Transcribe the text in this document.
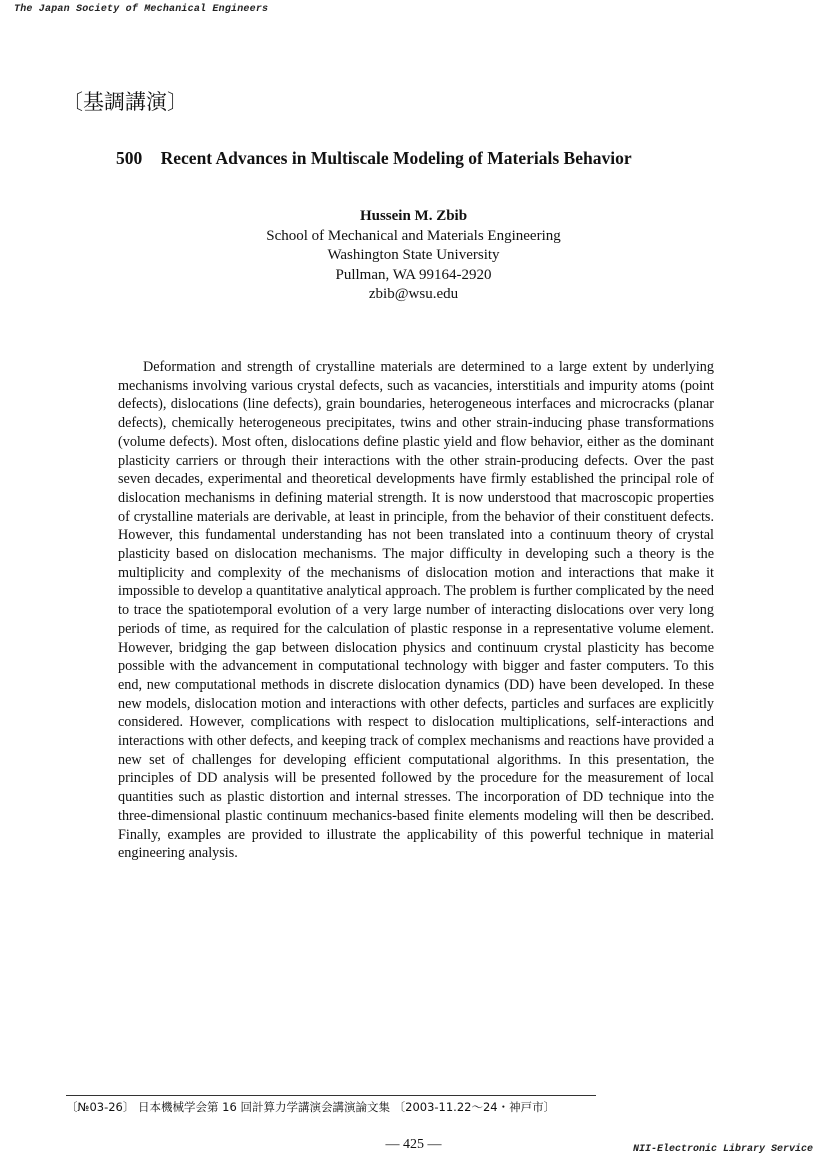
The Japan Society of Mechanical Engineers
〔基調講演〕
500 Recent Advances in Multiscale Modeling of Materials Behavior
Hussein M. Zbib
School of Mechanical and Materials Engineering
Washington State University
Pullman, WA 99164-2920
zbib@wsu.edu

Deformation and strength of crystalline materials are determined to a large extent by underlying mechanisms involving various crystal defects, such as vacancies, interstitials and impurity atoms (point defects), dislocations (line defects), grain boundaries, heterogeneous interfaces and microcracks (planar defects), chemically heterogeneous precipitates, twins and other strain-inducing phase transformations (volume defects). Most often, dislocations define plastic yield and flow behavior, either as the dominant plasticity carriers or through their interactions with the other strain-producing defects. Over the past seven decades, experimental and theoretical developments have firmly established the principal role of dislocation mechanisms in defining material strength. It is now understood that macroscopic properties of crystalline materials are derivable, at least in principle, from the behavior of their constituent defects. However, this fundamental understanding has not been translated into a continuum theory of crystal plasticity based on dislocation mechanisms. The major difficulty in developing such a theory is the multiplicity and complexity of the mechanisms of dislocation motion and interactions that make it impossible to develop a quantitative analytical approach. The problem is further complicated by the need to trace the spatiotemporal evolution of a very large number of interacting dislocations over very long periods of time, as required for the calculation of plastic response in a representative volume element. However, bridging the gap between dislocation physics and continuum crystal plasticity has become possible with the advancement in computational technology with bigger and faster computers. To this end, new computational methods in discrete dislocation dynamics (DD) have been developed. In these new models, dislocation motion and interactions with other defects, particles and surfaces are explicitly considered. However, complications with respect to dislocation multiplications, self-interactions and interactions with other defects, and keeping track of complex mechanisms and reactions have provided a new set of challenges for developing efficient computational algorithms. In this presentation, the principles of DD analysis will be presented followed by the procedure for the measurement of local quantities such as plastic distortion and internal stresses. The incorporation of DD technique into the three-dimensional plastic continuum mechanics-based finite elements modeling will then be described. Finally, examples are provided to illustrate the applicability of this powerful technique in material engineering analysis.

〔№03-26〕 日本機械学会第 16 回計算力学講演会講演論文集 〔2003-11.22〜24・神戸市〕
— 425 —	NII-Electronic Library Service
